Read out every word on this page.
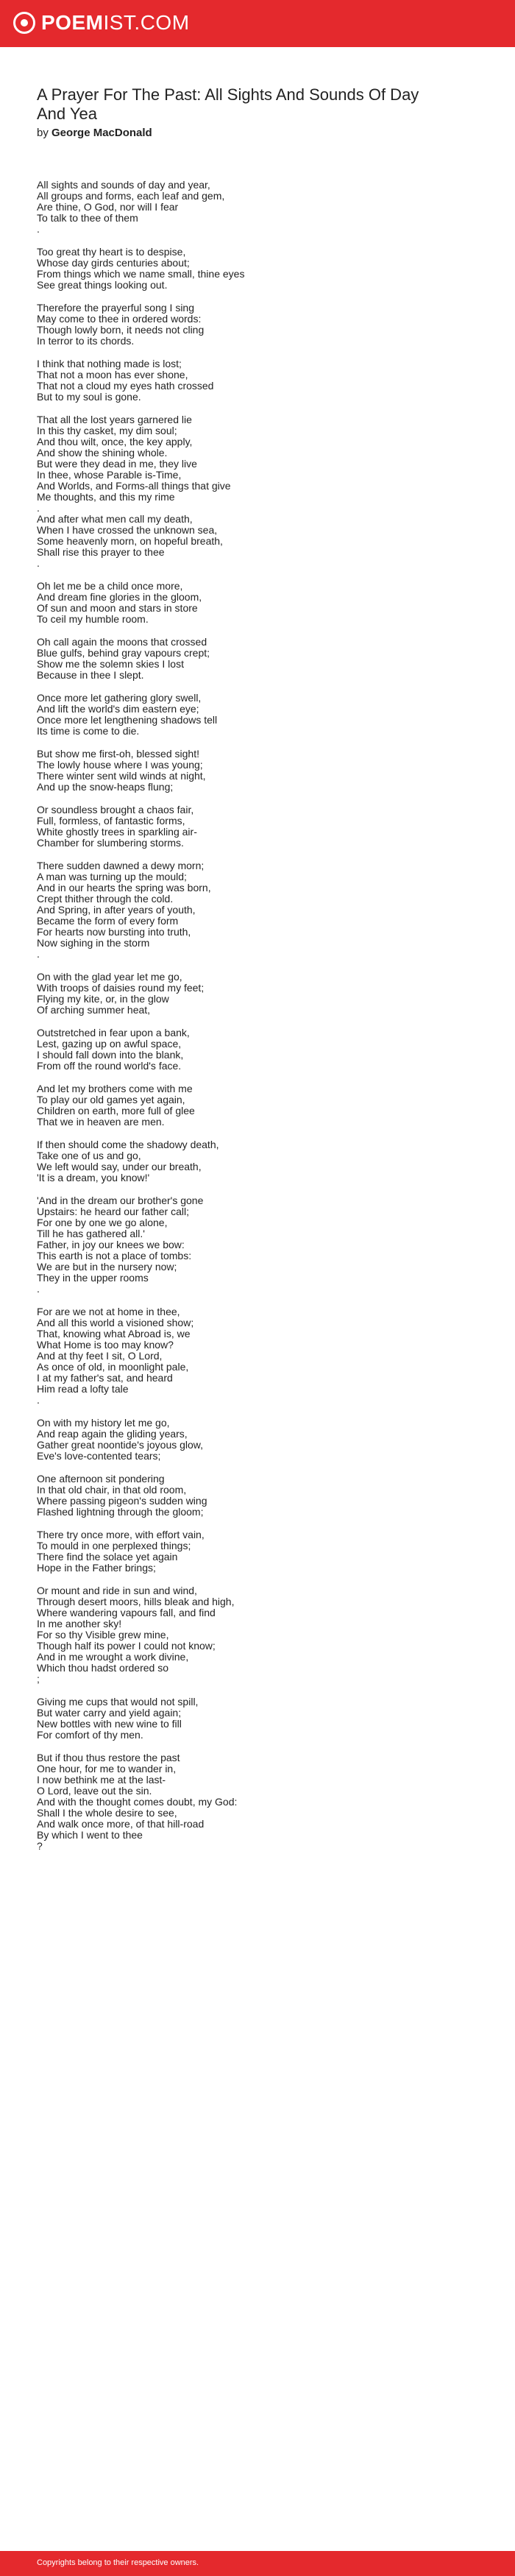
POEMIST.COM
A Prayer For The Past: All Sights And Sounds Of Day And Yea
by George MacDonald
All sights and sounds of day and year,
All groups and forms, each leaf and gem,
Are thine, O God, nor will I fear
To talk to thee of them
.
Too great thy heart is to despise,
Whose day girds centuries about;
From things which we name small, thine eyes
See great things looking out.
Therefore the prayerful song I sing
May come to thee in ordered words:
Though lowly born, it needs not cling
In terror to its chords.
I think that nothing made is lost;
That not a moon has ever shone,
That not a cloud my eyes hath crossed
But to my soul is gone.
That all the lost years garnered lie
In this thy casket, my dim soul;
And thou wilt, once, the key apply,
And show the shining whole.
But were they dead in me, they live
In thee, whose Parable is-Time,
And Worlds, and Forms-all things that give
Me thoughts, and this my rime
.
And after what men call my death,
When I have crossed the unknown sea,
Some heavenly morn, on hopeful breath,
Shall rise this prayer to thee
.
Oh let me be a child once more,
And dream fine glories in the gloom,
Of sun and moon and stars in store
To ceil my humble room.
Oh call again the moons that crossed
Blue gulfs, behind gray vapours crept;
Show me the solemn skies I lost
Because in thee I slept.
Once more let gathering glory swell,
And lift the world's dim eastern eye;
Once more let lengthening shadows tell
Its time is come to die.
But show me first-oh, blessed sight!
The lowly house where I was young;
There winter sent wild winds at night,
And up the snow-heaps flung;
Or soundless brought a chaos fair,
Full, formless, of fantastic forms,
White ghostly trees in sparkling air-
Chamber for slumbering storms.
There sudden dawned a dewy morn;
A man was turning up the mould;
And in our hearts the spring was born,
Crept thither through the cold.
And Spring, in after years of youth,
Became the form of every form
For hearts now bursting into truth,
Now sighing in the storm
.
On with the glad year let me go,
With troops of daisies round my feet;
Flying my kite, or, in the glow
Of arching summer heat,
Outstretched in fear upon a bank,
Lest, gazing up on awful space,
I should fall down into the blank,
From off the round world's face.
And let my brothers come with me
To play our old games yet again,
Children on earth, more full of glee
That we in heaven are men.
If then should come the shadowy death,
Take one of us and go,
We left would say, under our breath,
'It is a dream, you know!'
'And in the dream our brother's gone
Upstairs: he heard our father call;
For one by one we go alone,
Till he has gathered all.'
Father, in joy our knees we bow:
This earth is not a place of tombs:
We are but in the nursery now;
They in the upper rooms
.
For are we not at home in thee,
And all this world a visioned show;
That, knowing what Abroad is, we
What Home is too may know?
And at thy feet I sit, O Lord,
As once of old, in moonlight pale,
I at my father's sat, and heard
Him read a lofty tale
.
On with my history let me go,
And reap again the gliding years,
Gather great noontide's joyous glow,
Eve's love-contented tears;
One afternoon sit pondering
In that old chair, in that old room,
Where passing pigeon's sudden wing
Flashed lightning through the gloom;
There try once more, with effort vain,
To mould in one perplexed things;
There find the solace yet again
Hope in the Father brings;
Or mount and ride in sun and wind,
Through desert moors, hills bleak and high,
Where wandering vapours fall, and find
In me another sky!
For so thy Visible grew mine,
Though half its power I could not know;
And in me wrought a work divine,
Which thou hadst ordered so
;
Giving me cups that would not spill,
But water carry and yield again;
New bottles with new wine to fill
For comfort of thy men.
But if thou thus restore the past
One hour, for me to wander in,
I now bethink me at the last-
O Lord, leave out the sin.
And with the thought comes doubt, my God:
Shall I the whole desire to see,
And walk once more, of that hill-road
By which I went to thee
?
Copyrights belong to their respective owners.
